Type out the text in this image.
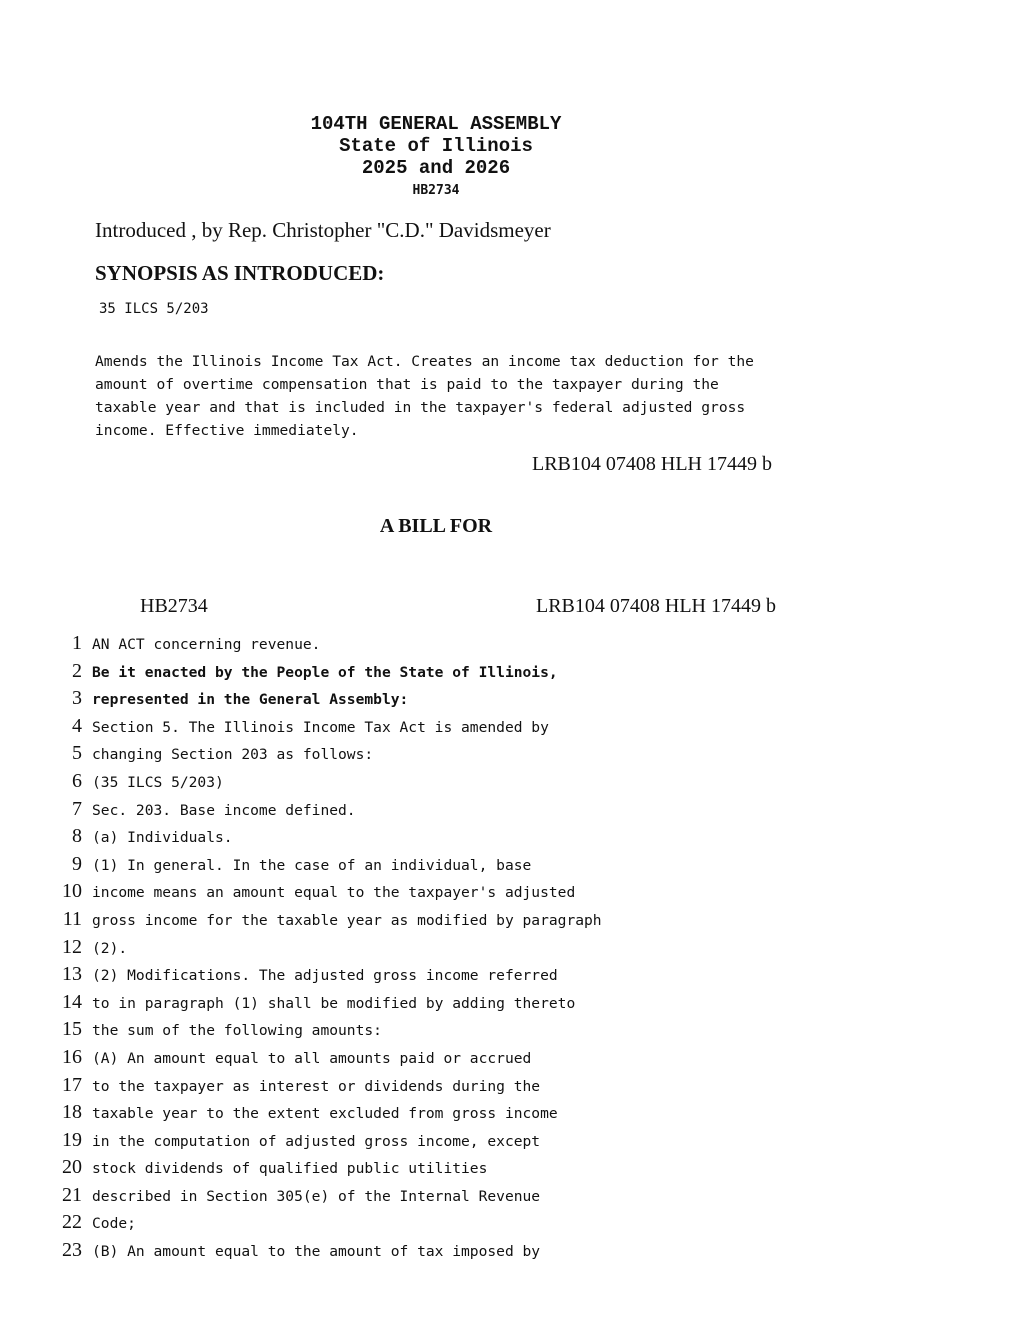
104TH GENERAL ASSEMBLY
State of Illinois
2025 and 2026
HB2734
Introduced , by Rep. Christopher "C.D." Davidsmeyer
SYNOPSIS AS INTRODUCED:
35 ILCS 5/203
Amends the Illinois Income Tax Act. Creates an income tax deduction for the
amount of overtime compensation that is paid to the taxpayer during the
taxable year and that is included in the taxpayer's federal adjusted gross
income. Effective immediately.
LRB104 07408 HLH 17449 b
A BILL FOR
HB2734	LRB104 07408 HLH 17449 b
1 AN ACT concerning revenue.
2 Be it enacted by the People of the State of Illinois,
3 represented in the General Assembly:
4 Section 5. The Illinois Income Tax Act is amended by
5 changing Section 203 as follows:
6 (35 ILCS 5/203)
7 Sec. 203. Base income defined.
8 (a) Individuals.
9 (1) In general. In the case of an individual, base
10 income means an amount equal to the taxpayer's adjusted
11 gross income for the taxable year as modified by paragraph
12 (2).
13 (2) Modifications. The adjusted gross income referred
14 to in paragraph (1) shall be modified by adding thereto
15 the sum of the following amounts:
16 (A) An amount equal to all amounts paid or accrued
17 to the taxpayer as interest or dividends during the
18 taxable year to the extent excluded from gross income
19 in the computation of adjusted gross income, except
20 stock dividends of qualified public utilities
21 described in Section 305(e) of the Internal Revenue
22 Code;
23 (B) An amount equal to the amount of tax imposed by
